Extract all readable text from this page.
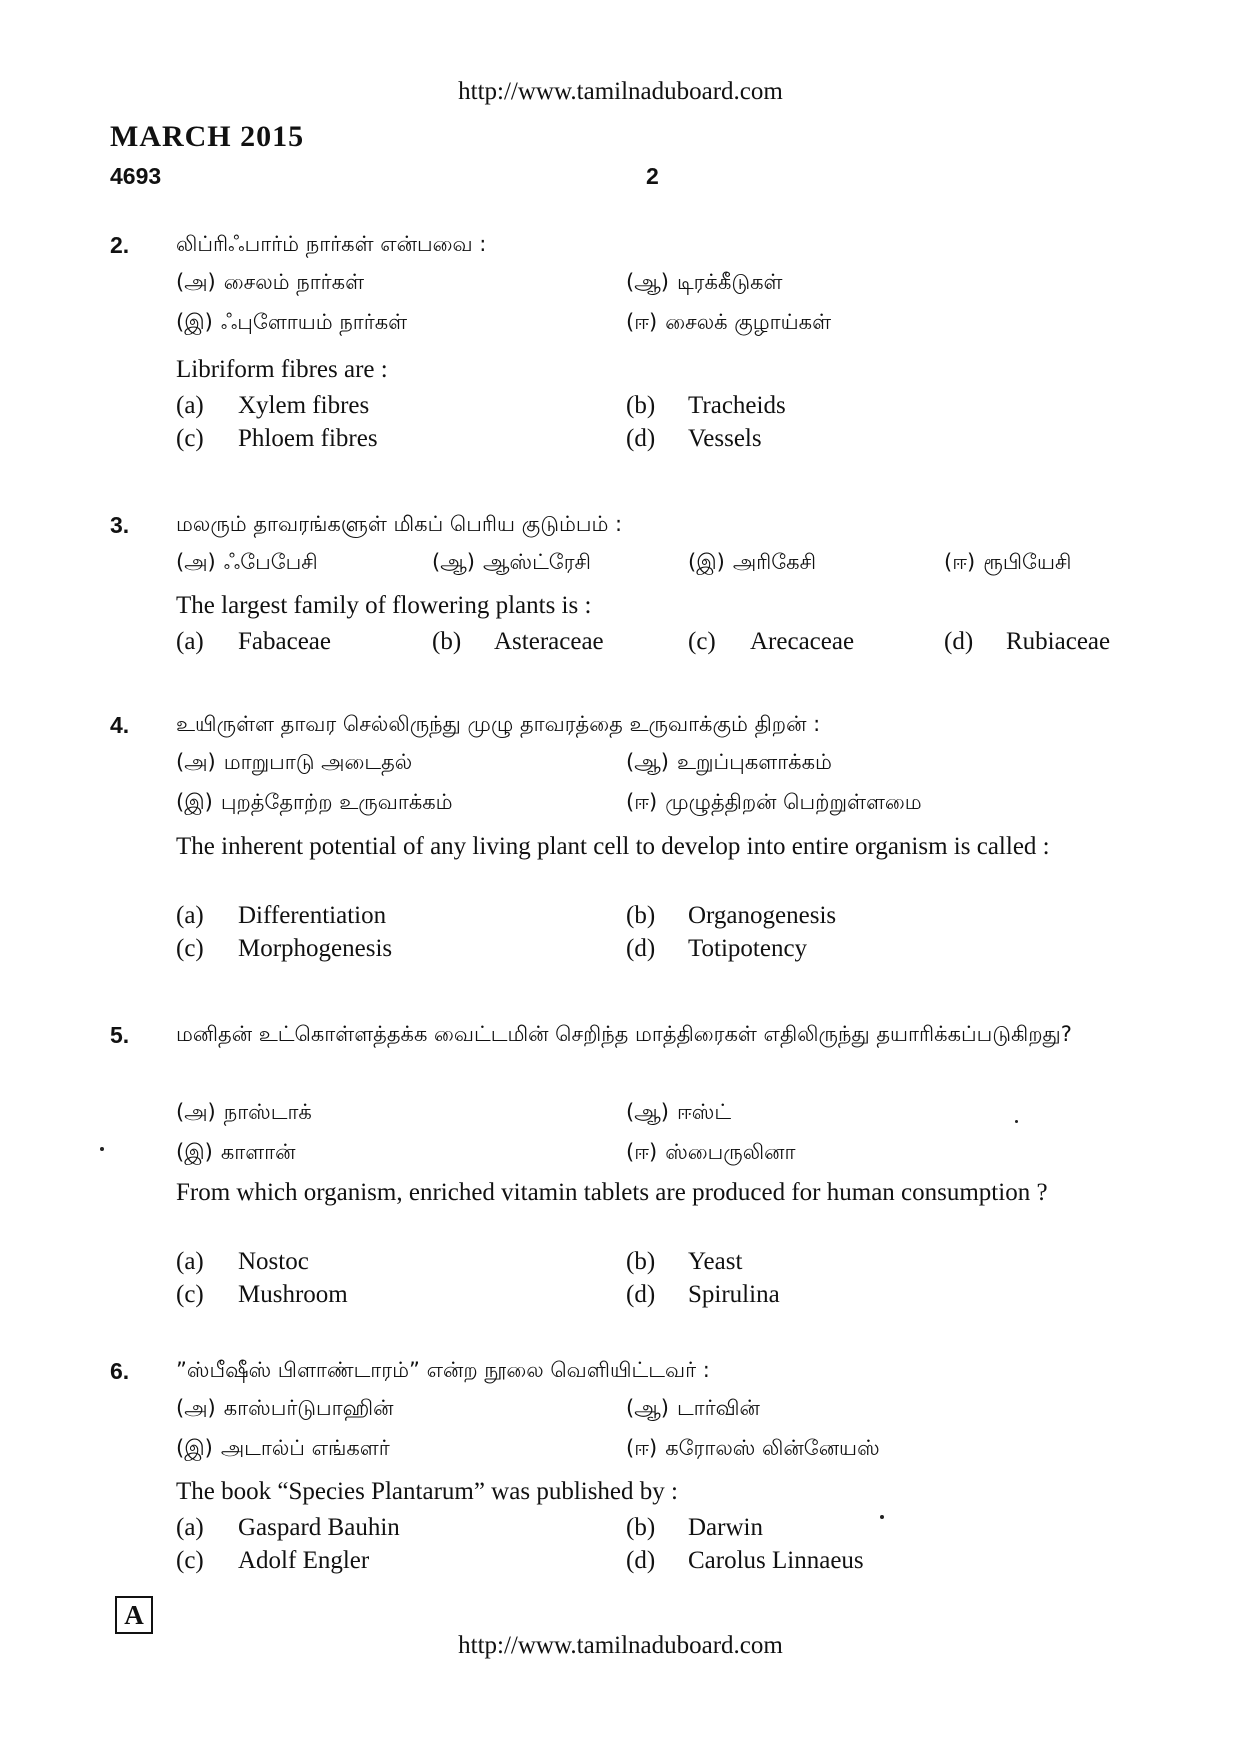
http://www.tamilnaduboard.com
MARCH 2015
4693	2
2. லிப்ரிஃபார்ம் நார்கள் என்பவை :
(அ) சைலம் நார்கள்	(ஆ) டிரக்கீடுகள்
(இ) ஃபுளோயம் நார்கள்	(ஈ) சைலக் குழாய்கள்
Libriform fibres are :
(a) Xylem fibres	(b) Tracheids
(c) Phloem fibres	(d) Vessels
3. மலரும் தாவரங்களுள் மிகப் பெரிய குடும்பம் :
(அ) ஃபேபேசி	(ஆ) ஆஸ்ட்ரேசி	(இ) அரிகேசி	(ஈ) ரூபியேசி
The largest family of flowering plants is :
(a) Fabaceae	(b) Asteraceae	(c) Arecaceae	(d) Rubiaceae
4. உயிருள்ள தாவர செல்லிருந்து முழு தாவரத்தை உருவாக்கும் திறன் :
(அ) மாறுபாடு அடைதல்	(ஆ) உறுப்புகளாக்கம்
(இ) புறத்தோற்ற உருவாக்கம்	(ஈ) முழுத்திறன் பெற்றுள்ளமை
The inherent potential of any living plant cell to develop into entire organism is called :
(a) Differentiation	(b) Organogenesis
(c) Morphogenesis	(d) Totipotency
5. மனிதன் உட்கொள்ளத்தக்க வைட்டமின் செறிந்த மாத்திரைகள் எதிலிருந்து தயாரிக்கப்படுகிறது?
(அ) நாஸ்டாக்	(ஆ) ஈஸ்ட்
(இ) காளான்	(ஈ) ஸ்பைருலினா
From which organism, enriched vitamin tablets are produced for human consumption ?
(a) Nostoc	(b) Yeast
(c) Mushroom	(d) Spirulina
6. ”ஸ்பீஷீஸ் பிளாண்டாரம்” என்ற நூலை வெளியிட்டவர் :
(அ) காஸ்பர்டுபாஹின்	(ஆ) டார்வின்
(இ) அடால்ப் எங்களர்	(ஈ) கரோலஸ் லின்னேயஸ்
The book “Species Plantarum” was published by :
(a) Gaspard Bauhin	(b) Darwin
(c) Adolf Engler	(d) Carolus Linnaeus
A
http://www.tamilnaduboard.com
